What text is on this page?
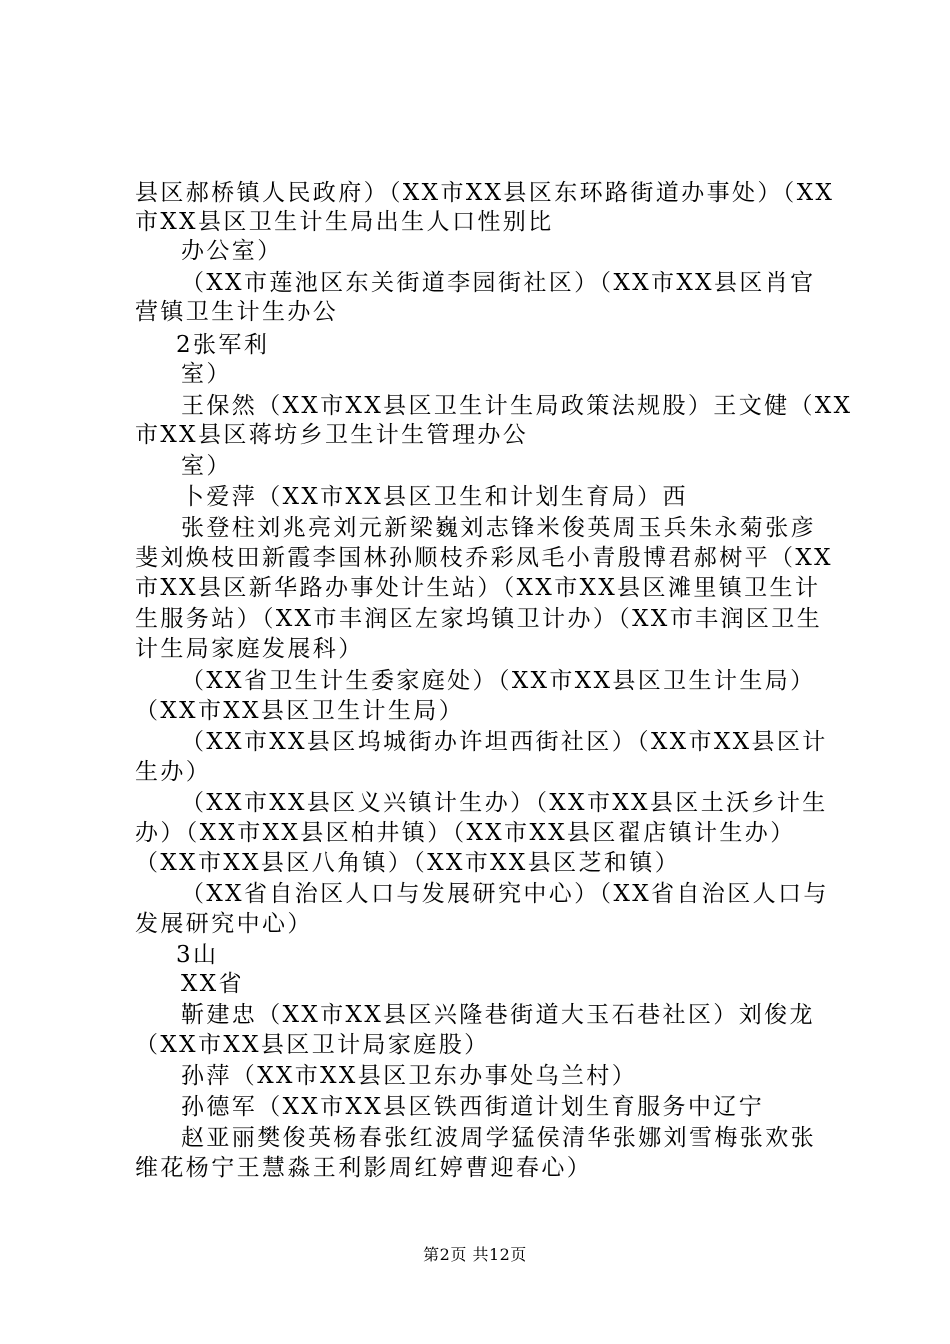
县区郝桥镇人民政府）（XX市XX县区东环路街道办事处）（XX
市XX县区卫生计生局出生人口性别比
办公室）
（XX市莲池区东关街道李园街社区）（XX市XX县区肖官
营镇卫生计生办公
2张军利
室）
王保然（XX市XX县区卫生计生局政策法规股）王文健（XX
市XX县区蒋坊乡卫生计生管理办公
室）
卜爱萍（XX市XX县区卫生和计划生育局）西
张登柱刘兆亮刘元新梁巍刘志锋米俊英周玉兵朱永菊张彦
斐刘焕枝田新霞李国林孙顺枝乔彩凤毛小青殷博君郝树平（XX
市XX县区新华路办事处计生站）（XX市XX县区滩里镇卫生计
生服务站）（XX市丰润区左家坞镇卫计办）（XX市丰润区卫生
计生局家庭发展科）
（XX省卫生计生委家庭处）（XX市XX县区卫生计生局）
（XX市XX县区卫生计生局）
（XX市XX县区坞城街办许坦西街社区）（XX市XX县区计
生办）
（XX市XX县区义兴镇计生办）（XX市XX县区土沃乡计生
办）（XX市XX县区柏井镇）（XX市XX县区翟店镇计生办）
（XX市XX县区八角镇）（XX市XX县区芝和镇）
（XX省自治区人口与发展研究中心）（XX省自治区人口与
发展研究中心）
3山
XX省
靳建忠（XX市XX县区兴隆巷街道大玉石巷社区）刘俊龙
（XX市XX县区卫计局家庭股）
孙萍（XX市XX县区卫东办事处乌兰村）
孙德军（XX市XX县区铁西街道计划生育服务中辽宁
赵亚丽樊俊英杨春张红波周学猛侯清华张娜刘雪梅张欢张
维花杨宁王慧淼王利影周红婷曹迎春心）
第2页 共12页
